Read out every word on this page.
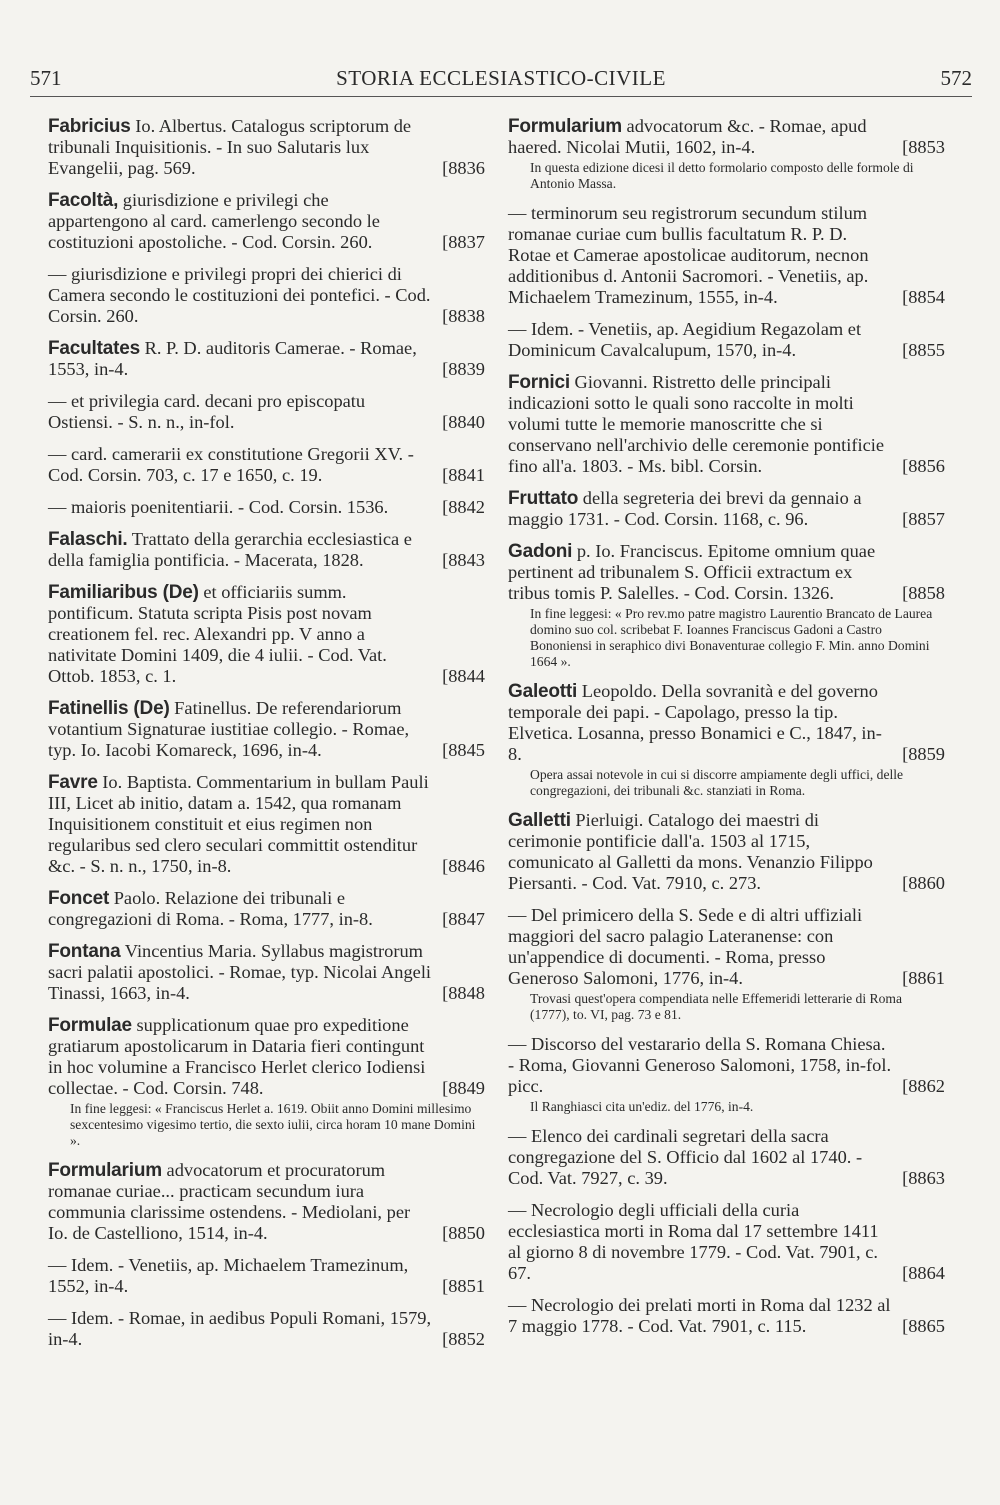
571	STORIA ECCLESIASTICO-CIVILE	572
Fabricius Io. Albertus. Catalogus scriptorum de tribunali Inquisitionis. - In suo Salutaris lux Evangelii, pag. 569.	[8836
Facoltà, giurisdizione e privilegi che appartengono al card. camerlengo secondo le costituzioni apostoliche. - Cod. Corsin. 260.	[8837
— giurisdizione e privilegi propri dei chierici di Camera secondo le costituzioni dei pontefici. - Cod. Corsin. 260.	[8838
Facultates R. P. D. auditoris Camerae. - Romae, 1553, in-4.	[8839
— et privilegia card. decani pro episcopatu Ostiensi. - S. n. n., in-fol.	[8840
— card. camerarii ex constitutione Gregorii XV. - Cod. Corsin. 703, c. 17 e 1650, c. 19.	[8841
— maioris poenitentiarii. - Cod. Corsin. 1536.	[8842
Falaschi. Trattato della gerarchia ecclesiastica e della famiglia pontificia. - Macerata, 1828.	[8843
Familiaribus (De) et officiariis summ. pontificum. Statuta scripta Pisis post novam creationem fel. rec. Alexandri pp. V anno a nativitate Domini 1409, die 4 iulii. - Cod. Vat. Ottob. 1853, c. 1.	[8844
Fatinellis (De) Fatinellus. De referendariorum votantium Signaturae iustitiae collegio. - Romae, typ. Io. Iacobi Komareck, 1696, in-4.	[8845
Favre Io. Baptista. Commentarium in bullam Pauli III, Licet ab initio, datam a. 1542, qua romanam Inquisitionem constituit et eius regimen non regularibus sed clero seculari committit ostenditur &c. - S. n. n., 1750, in-8.	[8846
Foncet Paolo. Relazione dei tribunali e congregazioni di Roma. - Roma, 1777, in-8.	[8847
Fontana Vincentius Maria. Syllabus magistrorum sacri palatii apostolici. - Romae, typ. Nicolai Angeli Tinassi, 1663, in-4.	[8848
Formulae supplicationum quae pro expeditione gratiarum apostolicarum in Dataria fieri contingunt in hoc volumine a Francisco Herlet clerico Iodiensi collectae. - Cod. Corsin. 748.	[8849
In fine leggesi: « Franciscus Herlet a. 1619. Obiit anno Domini millesimo sexcentesimo vigesimo tertio, die sexto iulii, circa horam 10 mane Domini ».
Formularium advocatorum et procuratorum romanae curiae... practicam secundum iura communia clarissime ostendens. - Mediolani, per Io. de Castelliono, 1514, in-4.	[8850
— Idem. - Venetiis, ap. Michaelem Tramezinum, 1552, in-4.	[8851
— Idem. - Romae, in aedibus Populi Romani, 1579, in-4.	[8852
Formularium advocatorum &c. - Romae, apud haered. Nicolai Mutii, 1602, in-4.	[8853
In questa edizione dicesi il detto formolario composto delle formole di Antonio Massa.
— terminorum seu registrorum secundum stilum romanae curiae cum bullis facultatum R. P. D. Rotae et Camerae apostolicae auditorum, necnon additionibus d. Antonii Sacromori. - Venetiis, ap. Michaelem Tramezinum, 1555, in-4.	[8854
— Idem. - Venetiis, ap. Aegidium Regazolam et Dominicum Cavalcalupum, 1570, in-4.	[8855
Fornici Giovanni. Ristretto delle principali indicazioni sotto le quali sono raccolte in molti volumi tutte le memorie manoscritte che si conservano nell'archivio delle ceremonie pontificie fino all'a. 1803. - Ms. bibl. Corsin.	[8856
Fruttato della segreteria dei brevi da gennaio a maggio 1731. - Cod. Corsin. 1168, c. 96.	[8857
Gadoni p. Io. Franciscus. Epitome omnium quae pertinent ad tribunalem S. Officii extractum ex tribus tomis P. Salelles. - Cod. Corsin. 1326.	[8858
In fine leggesi: « Pro rev.mo patre magistro Laurentio Brancato de Laurea domino suo col. scribebat F. Ioannes Franciscus Gadoni a Castro Bononiensi in seraphico divi Bonaventurae collegio F. Min. anno Domini 1664 ».
Galeotti Leopoldo. Della sovranità e del governo temporale dei papi. - Capolago, presso la tip. Elvetica. Losanna, presso Bonamici e C., 1847, in-8.	[8859
Opera assai notevole in cui si discorre ampiamente degli uffici, delle congregazioni, dei tribunali &c. stanziati in Roma.
Galletti Pierluigi. Catalogo dei maestri di cerimonie pontificie dall'a. 1503 al 1715, comunicato al Galletti da mons. Venanzio Filippo Piersanti. - Cod. Vat. 7910, c. 273.	[8860
— Del primicero della S. Sede e di altri uffiziali maggiori del sacro palagio Lateranense: con un'appendice di documenti. - Roma, presso Generoso Salomoni, 1776, in-4.	[8861
Trovasi quest'opera compendiata nelle Effemeridi letterarie di Roma (1777), to. VI, pag. 73 e 81.
— Discorso del vestarario della S. Romana Chiesa. - Roma, Giovanni Generoso Salomoni, 1758, in-fol. picc.	[8862
Il Ranghiasci cita un'ediz. del 1776, in-4.
— Elenco dei cardinali segretari della sacra congregazione del S. Officio dal 1602 al 1740. - Cod. Vat. 7927, c. 39.	[8863
— Necrologio degli ufficiali della curia ecclesiastica morti in Roma dal 17 settembre 1411 al giorno 8 di novembre 1779. - Cod. Vat. 7901, c. 67.	[8864
— Necrologio dei prelati morti in Roma dal 1232 al 7 maggio 1778. - Cod. Vat. 7901, c. 115.	[8865
